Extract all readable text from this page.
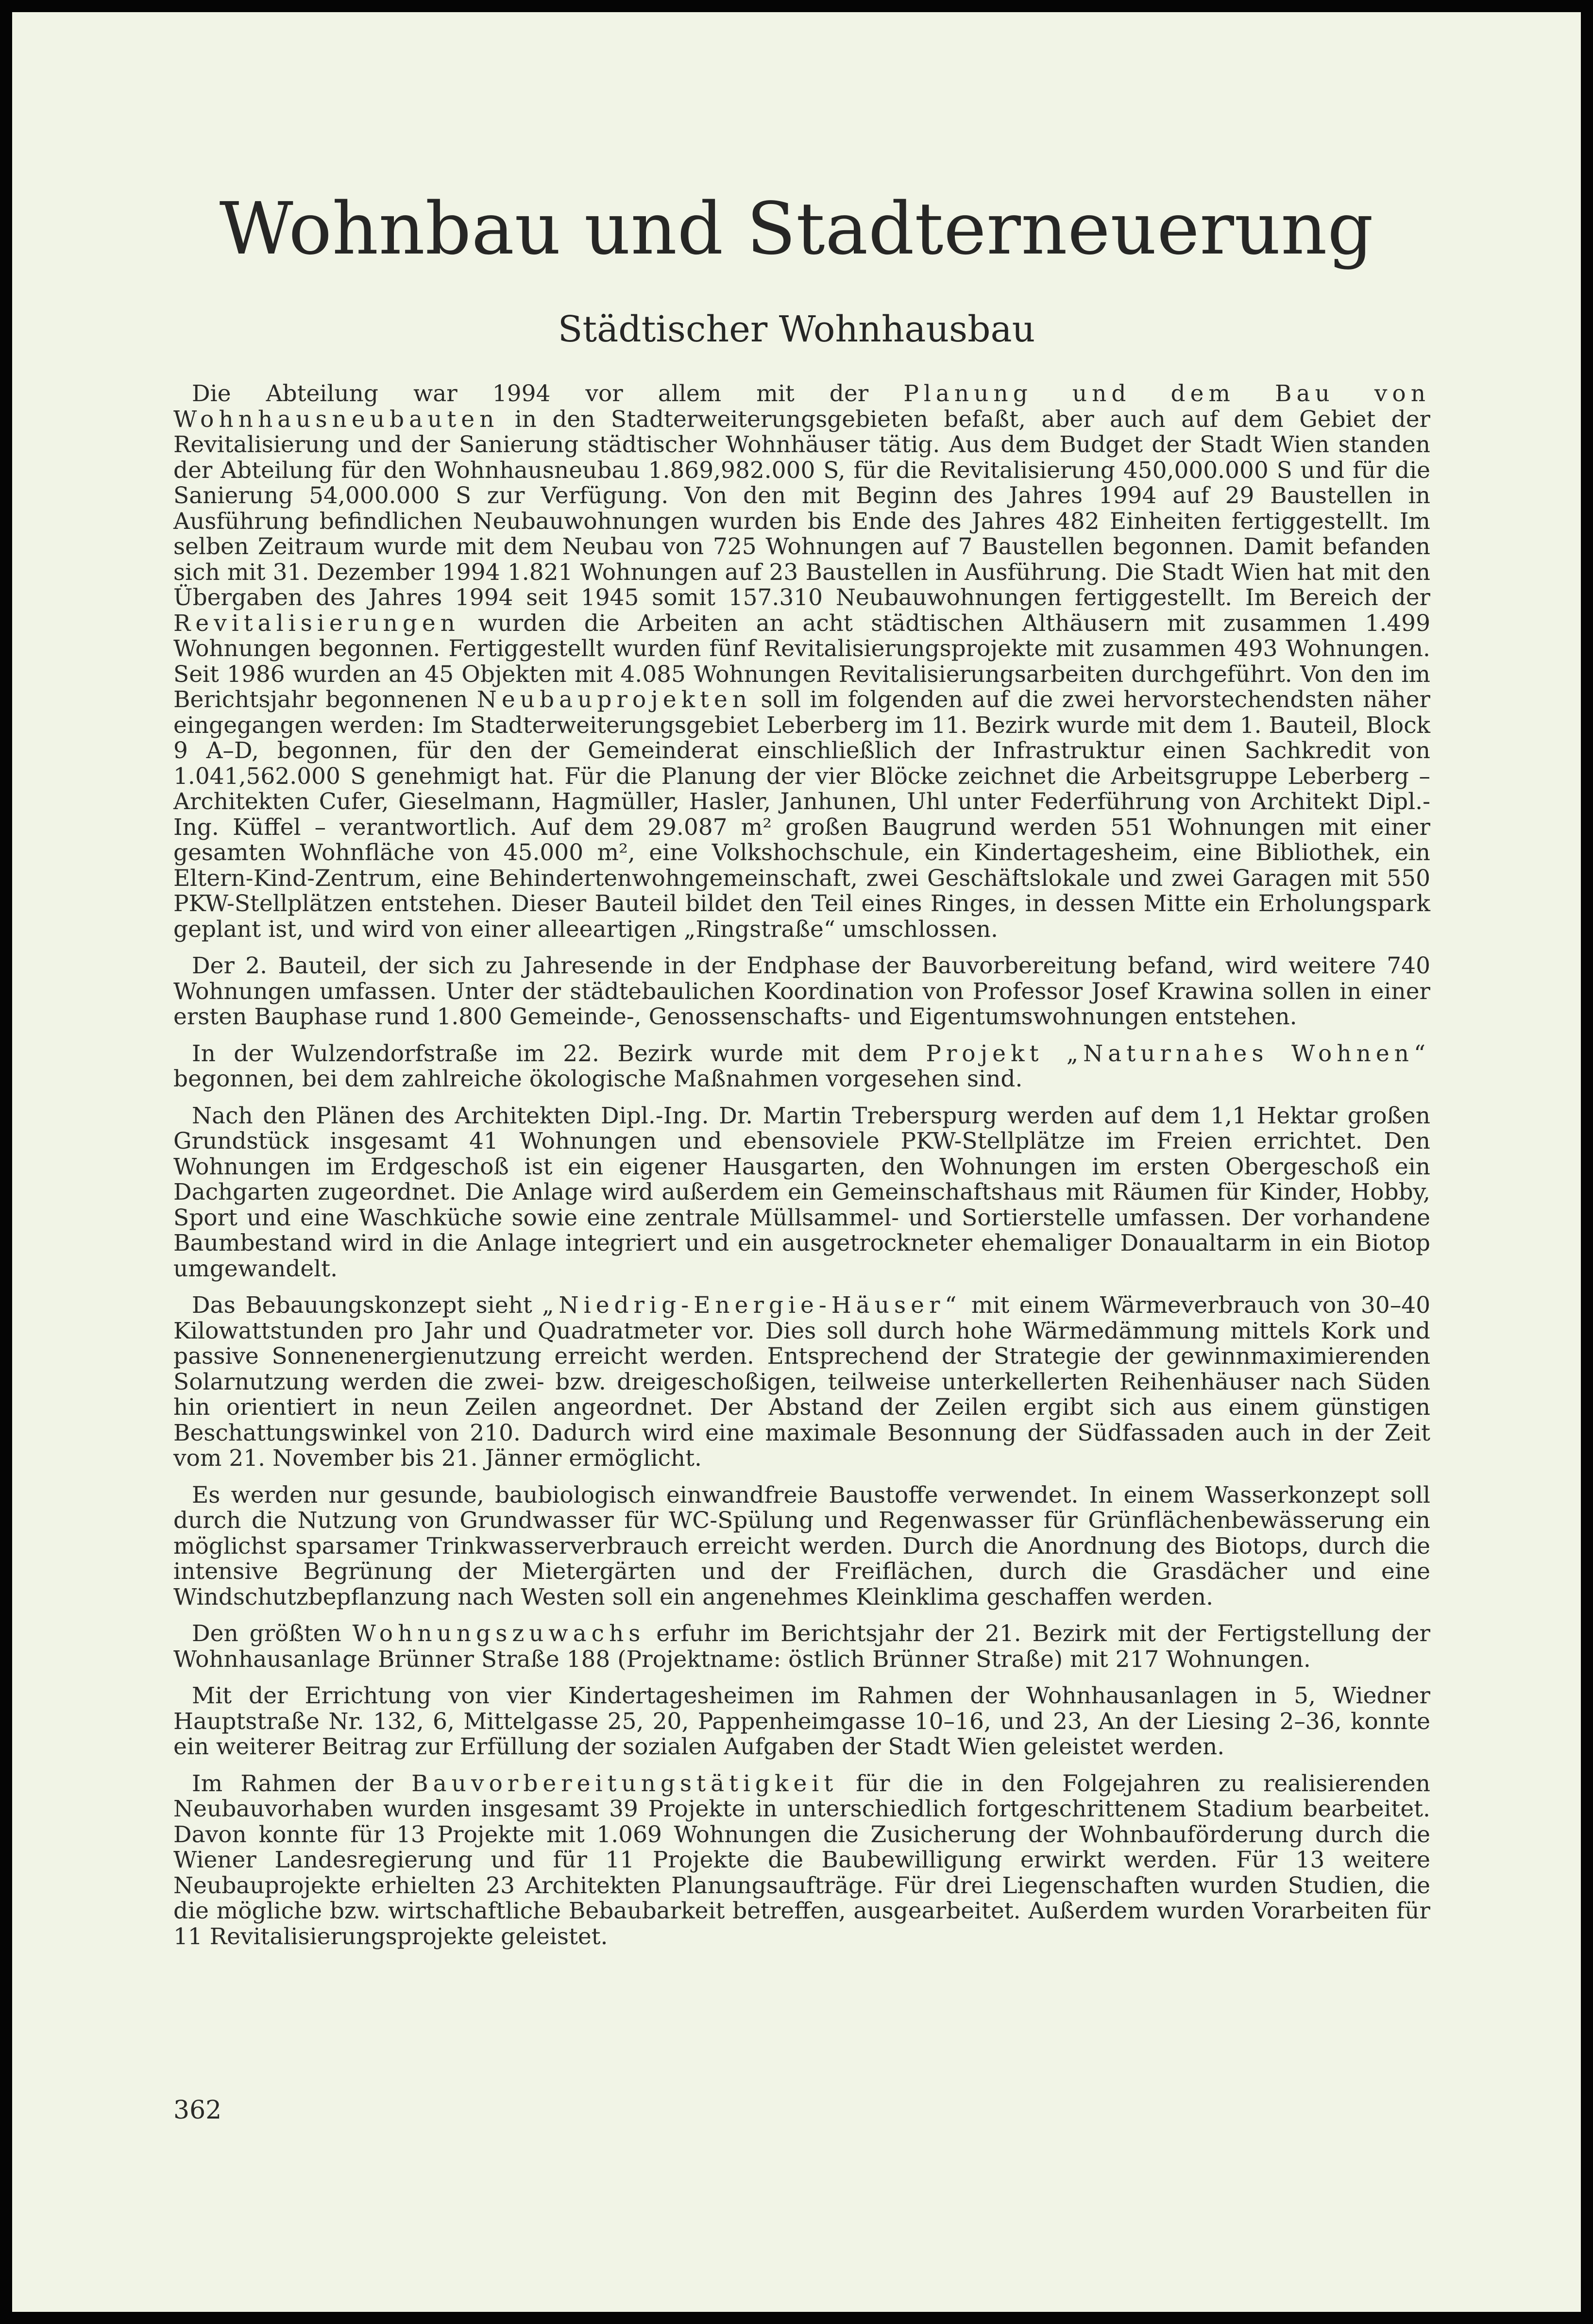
Wohnbau und Stadterneuerung
Städtischer Wohnhausbau

Die Abteilung war 1994 vor allem mit der Planung und dem Bau von Wohnhausneubauten in den Stadterweiterungsgebieten befaßt, aber auch auf dem Gebiet der Revitalisierung und der Sanierung städtischer Wohnhäuser tätig. Aus dem Budget der Stadt Wien standen der Abteilung für den Wohnhausneubau 1.869,982.000 S, für die Revitalisierung 450,000.000 S und für die Sanierung 54,000.000 S zur Verfügung. Von den mit Beginn des Jahres 1994 auf 29 Baustellen in Ausführung befindlichen Neubauwohnungen wurden bis Ende des Jahres 482 Einheiten fertiggestellt. Im selben Zeitraum wurde mit dem Neubau von 725 Wohnungen auf 7 Baustellen begonnen. Damit befanden sich mit 31. Dezember 1994 1.821 Wohnungen auf 23 Baustellen in Ausführung. Die Stadt Wien hat mit den Übergaben des Jahres 1994 seit 1945 somit 157.310 Neubauwohnungen fertiggestellt. Im Bereich der Revitalisierungen wurden die Arbeiten an acht städtischen Althäusern mit zusammen 1.499 Wohnungen begonnen. Fertiggestellt wurden fünf Revitalisierungsprojekte mit zusammen 493 Wohnungen. Seit 1986 wurden an 45 Objekten mit 4.085 Wohnungen Revitalisierungsarbeiten durchgeführt. Von den im Berichtsjahr begonnenen Neubauprojekten soll im folgenden auf die zwei hervorstechendsten näher eingegangen werden: Im Stadterweiterungsgebiet Leberberg im 11. Bezirk wurde mit dem 1. Bauteil, Block 9 A–D, begonnen, für den der Gemeinderat einschließlich der Infrastruktur einen Sachkredit von 1.041,562.000 S genehmigt hat. Für die Planung der vier Blöcke zeichnet die Arbeitsgruppe Leberberg – Architekten Cufer, Gieselmann, Hagmüller, Hasler, Janhunen, Uhl unter Federführung von Architekt Dipl.-Ing. Küffel – verantwortlich. Auf dem 29.087 m² großen Baugrund werden 551 Wohnungen mit einer gesamten Wohnfläche von 45.000 m², eine Volkshochschule, ein Kindertagesheim, eine Bibliothek, ein Eltern-Kind-Zentrum, eine Behindertenwohngemeinschaft, zwei Geschäftslokale und zwei Garagen mit 550 PKW-Stellplätzen entstehen. Dieser Bauteil bildet den Teil eines Ringes, in dessen Mitte ein Erholungspark geplant ist, und wird von einer alleeartigen „Ringstraße“ umschlossen.

Der 2. Bauteil, der sich zu Jahresende in der Endphase der Bauvorbereitung befand, wird weitere 740 Wohnungen umfassen. Unter der städtebaulichen Koordination von Professor Josef Krawina sollen in einer ersten Bauphase rund 1.800 Gemeinde-, Genossenschafts- und Eigentumswohnungen entstehen.

In der Wulzendorfstraße im 22. Bezirk wurde mit dem Projekt „Naturnahes Wohnen“ begonnen, bei dem zahlreiche ökologische Maßnahmen vorgesehen sind.

Nach den Plänen des Architekten Dipl.-Ing. Dr. Martin Treberspurg werden auf dem 1,1 Hektar großen Grundstück insgesamt 41 Wohnungen und ebensoviele PKW-Stellplätze im Freien errichtet. Den Wohnungen im Erdgeschoß ist ein eigener Hausgarten, den Wohnungen im ersten Obergeschoß ein Dachgarten zugeordnet. Die Anlage wird außerdem ein Gemeinschaftshaus mit Räumen für Kinder, Hobby, Sport und eine Waschküche sowie eine zentrale Müllsammel- und Sortierstelle umfassen. Der vorhandene Baumbestand wird in die Anlage integriert und ein ausgetrockneter ehemaliger Donaualtarm in ein Biotop umgewandelt.

Das Bebauungskonzept sieht „Niedrig-Energie-Häuser“ mit einem Wärmeverbrauch von 30–40 Kilowattstunden pro Jahr und Quadratmeter vor. Dies soll durch hohe Wärmedämmung mittels Kork und passive Sonnenenergienutzung erreicht werden. Entsprechend der Strategie der gewinnmaximierenden Solarnutzung werden die zwei- bzw. dreigeschoßigen, teilweise unterkellerten Reihenhäuser nach Süden hin orientiert in neun Zeilen angeordnet. Der Abstand der Zeilen ergibt sich aus einem günstigen Beschattungswinkel von 210. Dadurch wird eine maximale Besonnung der Südfassaden auch in der Zeit vom 21. November bis 21. Jänner ermöglicht.

Es werden nur gesunde, baubiologisch einwandfreie Baustoffe verwendet. In einem Wasserkonzept soll durch die Nutzung von Grundwasser für WC-Spülung und Regenwasser für Grünflächenbewässerung ein möglichst sparsamer Trinkwasserverbrauch erreicht werden. Durch die Anordnung des Biotops, durch die intensive Begrünung der Mietergärten und der Freiflächen, durch die Grasdächer und eine Windschutzbepflanzung nach Westen soll ein angenehmes Kleinklima geschaffen werden.

Den größten Wohnungszuwachs erfuhr im Berichtsjahr der 21. Bezirk mit der Fertigstellung der Wohnhausanlage Brünner Straße 188 (Projektname: östlich Brünner Straße) mit 217 Wohnungen.

Mit der Errichtung von vier Kindertagesheimen im Rahmen der Wohnhausanlagen in 5, Wiedner Hauptstraße Nr. 132, 6, Mittelgasse 25, 20, Pappenheimgasse 10–16, und 23, An der Liesing 2–36, konnte ein weiterer Beitrag zur Erfüllung der sozialen Aufgaben der Stadt Wien geleistet werden.

Im Rahmen der Bauvorbereitungstätigkeit für die in den Folgejahren zu realisierenden Neubauvorhaben wurden insgesamt 39 Projekte in unterschiedlich fortgeschrittenem Stadium bearbeitet. Davon konnte für 13 Projekte mit 1.069 Wohnungen die Zusicherung der Wohnbauförderung durch die Wiener Landesregierung und für 11 Projekte die Baubewilligung erwirkt werden. Für 13 weitere Neubauprojekte erhielten 23 Architekten Planungsaufträge. Für drei Liegenschaften wurden Studien, die die mögliche bzw. wirtschaftliche Bebaubarkeit betreffen, ausgearbeitet. Außerdem wurden Vorarbeiten für 11 Revitalisierungsprojekte geleistet.

362
